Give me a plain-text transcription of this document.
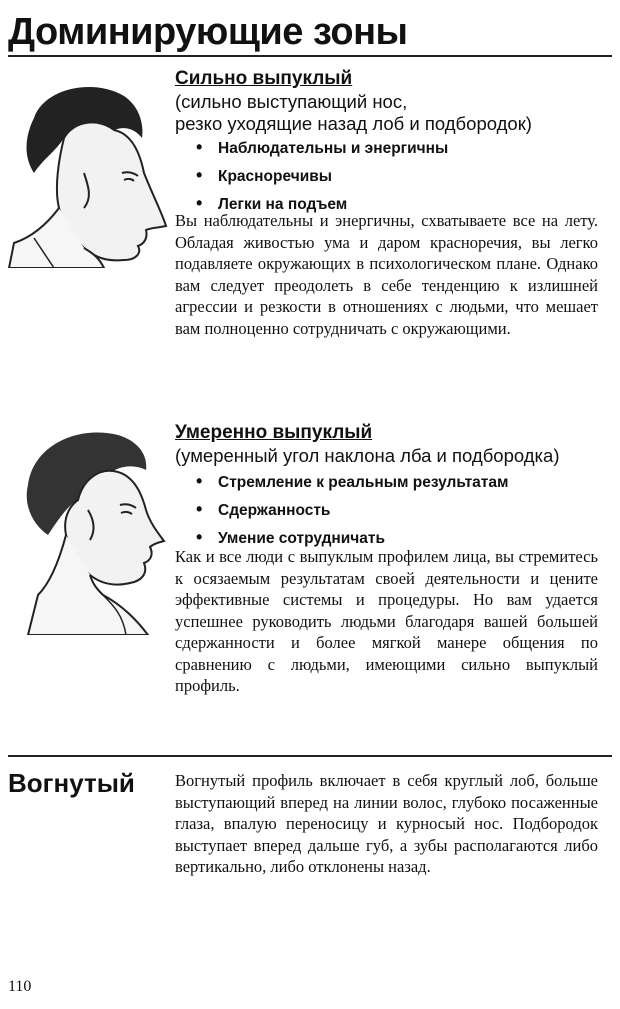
Доминирующие зоны
Сильно выпуклый
(сильно выступающий нос,
резко уходящие назад лоб и подбородок)
• Наблюдательны и энергичны
• Красноречивы
• Легки на подъем

Вы наблюдательны и энергичны, схватываете все на лету. Обладая живостью ума и даром красноречия, вы легко подавляете окружающих в психологическом плане. Однако вам следует преодолеть в себе тенденцию к излишней агрессии и резкости в отношениях с людьми, что мешает вам полноценно сотрудничать с окружающими.

Умеренно выпуклый
(умеренный угол наклона лба и подбородка)
• Стремление к реальным результатам
• Сдержанность
• Умение сотрудничать

Как и все люди с выпуклым профилем лица, вы стремитесь к осязаемым результатам своей деятельности и цените эффективные системы и процедуры. Но вам удается успешнее руководить людьми благодаря вашей большей сдержанности и более мягкой манере общения по сравнению с людьми, имеющими сильно выпуклый профиль.

Вогнутый Вогнутый профиль включает в себя круглый лоб, больше выступающий вперед на линии волос, глубоко посаженные глаза, впалую переносицу и курносый нос. Подбородок выступает вперед дальше губ, а зубы располагаются либо вертикально, либо отклонены назад.

110
